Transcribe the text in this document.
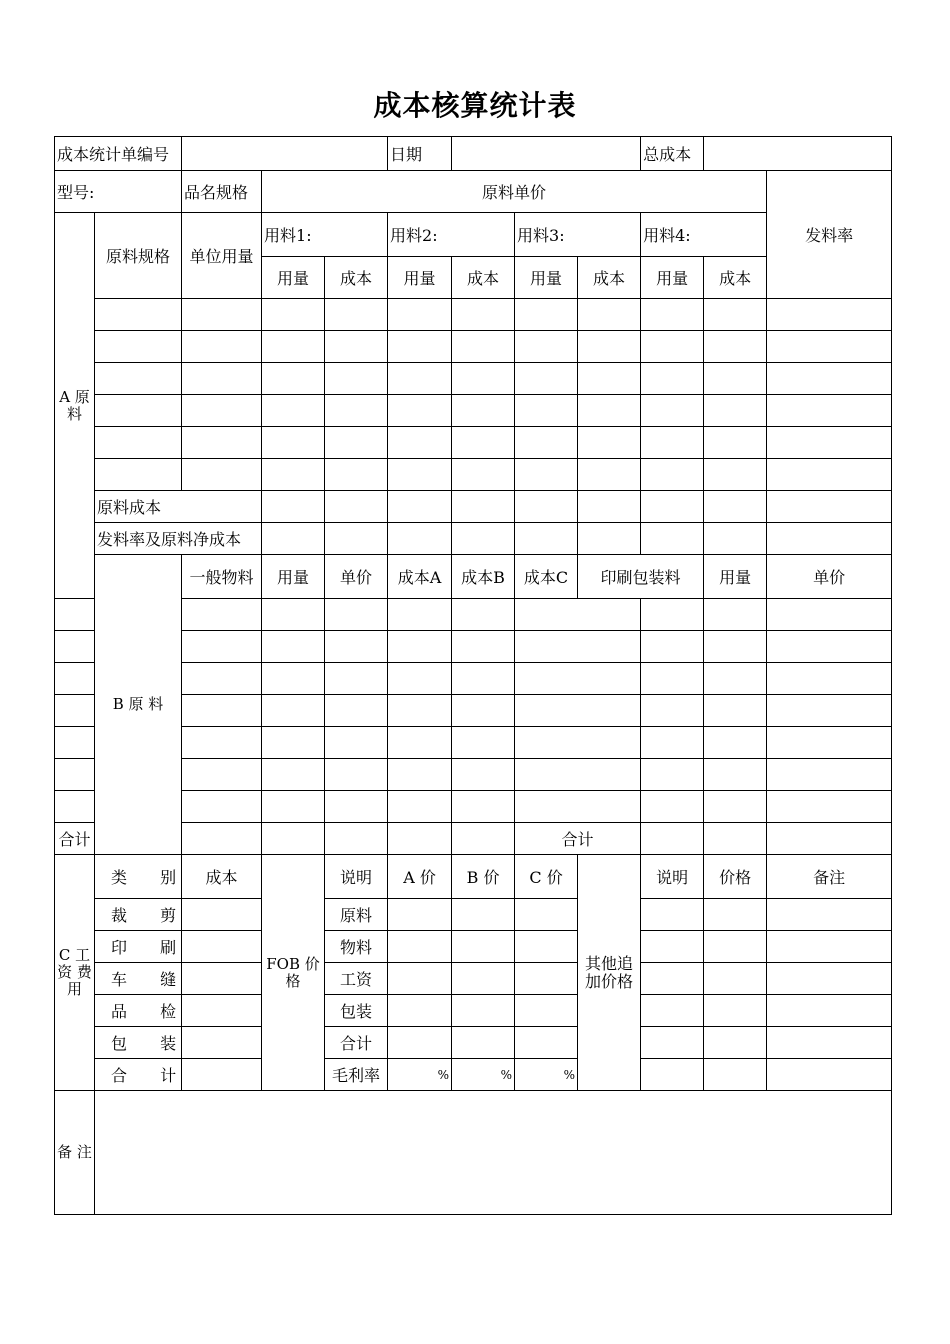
成本核算统计表
成本统计单编号					日期				总成本			
型号:		品名规格	原料单价								发料率	
A 原 料	原料规格	单位用量	用料1:		用料2:		用料3:		用料4:			
			用量	成本	用量	成本	用量	成本	用量	成本		

	原料成本											
	发料率及原料净成本											
	B 原 料	一般物料	用量	单价	成本A	成本B	成本C	印刷包装料		用量	单价	

合计							合计					
C 工资 费用	类 别	成本	FOB 价格	说明	A 价	B 价	C 价	其他追 加价格	说明	价格	备注	
	裁 剪			原料								
	印 刷			物料								
	车 缝			工资								
	品 检			包装								
	包 装			合计								
	合 计			毛利率	%	%	%					
备 注												
